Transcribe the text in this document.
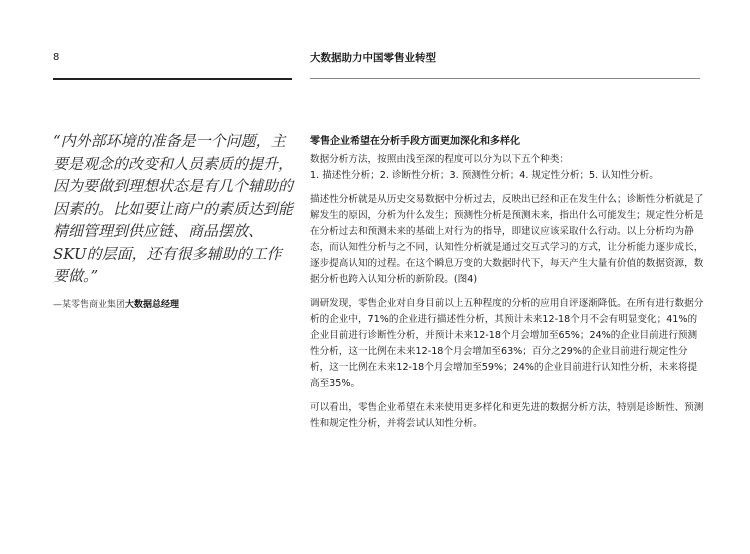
8	大数据助力中国零售业转型

“内外部环境的准备是一个问题，主要是观念的改变和人员素质的提升，因为要做到理想状态是有几个辅助的因素的。比如要让商户的素质达到能精细管理到供应链、商品摆放、SKU的层面，还有很多辅助的工作要做。”

—某零售商业集团大数据总经理
零售企业希望在分析手段方面更加深化和多样化
数据分析方法，按照由浅至深的程度可以分为以下五个种类：

1. 描述性分析；2. 诊断性分析；3. 预测性分析；4. 规定性分析；5. 认知性分析。

描述性分析就是从历史交易数据中分析过去，反映出已经和正在发生什么；诊断性分析就是了解发生的原因，分析为什么发生；预测性分析是预测未来，指出什么可能发生；规定性分析是在分析过去和预测未来的基础上对行为的指导，即建议应该采取什么行动。以上分析均为静态，而认知性分析与之不同，认知性分析就是通过交互式学习的方式，让分析能力逐步成长，逐步提高认知的过程。在这个瞬息万变的大数据时代下，每天产生大量有价值的数据资源，数据分析也跨入认知分析的新阶段。(图4)

调研发现，零售企业对自身目前以上五种程度的分析的应用自评逐渐降低。在所有进行数据分析的企业中，71%的企业进行描述性分析，其预计未来12-18个月不会有明显变化；41%的企业目前进行诊断性分析，并预计未来12-18个月会增加至65%；24%的企业目前进行预测性分析，这一比例在未来12-18个月会增加至63%；百分之29%的企业目前进行规定性分析，这一比例在未来12-18个月会增加至59%；24%的企业目前进行认知性分析，未来将提高至35%。

可以看出，零售企业希望在未来使用更多样化和更先进的数据分析方法，特别是诊断性、预测性和规定性分析，并将尝试认知性分析。
